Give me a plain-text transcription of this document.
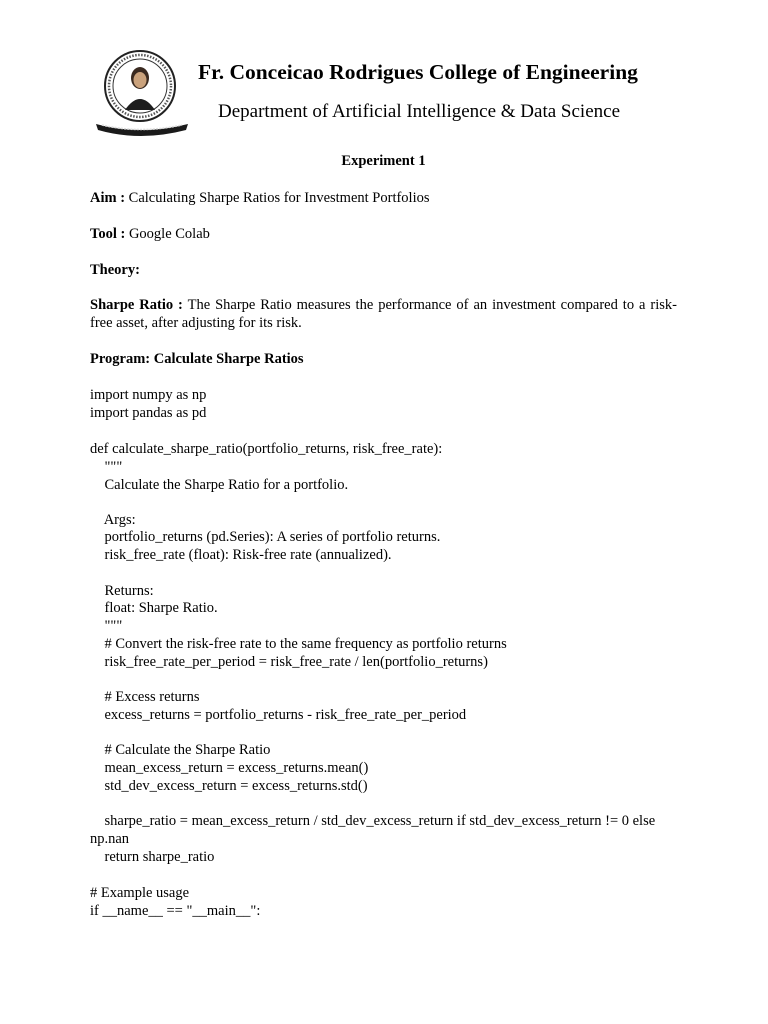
Fr. Conceicao Rodrigues College of Engineering
Department of Artificial Intelligence & Data Science
Experiment 1
Aim : Calculating Sharpe Ratios for Investment Portfolios
Tool : Google Colab
Theory:
Sharpe Ratio : The Sharpe Ratio measures the performance of an investment compared to a risk-free asset, after adjusting for its risk.
Program: Calculate Sharpe Ratios
import numpy as np
import pandas as pd
def calculate_sharpe_ratio(portfolio_returns, risk_free_rate):
"""
Calculate the Sharpe Ratio for a portfolio.
Args:
portfolio_returns (pd.Series): A series of portfolio returns.
risk_free_rate (float): Risk-free rate (annualized).
Returns:
float: Sharpe Ratio.
"""
# Convert the risk-free rate to the same frequency as portfolio returns
risk_free_rate_per_period = risk_free_rate / len(portfolio_returns)
# Excess returns
excess_returns = portfolio_returns - risk_free_rate_per_period
# Calculate the Sharpe Ratio
mean_excess_return = excess_returns.mean()
std_dev_excess_return = excess_returns.std()
sharpe_ratio = mean_excess_return / std_dev_excess_return if std_dev_excess_return != 0 else
np.nan
return sharpe_ratio
# Example usage
if __name__ == "__main__":
